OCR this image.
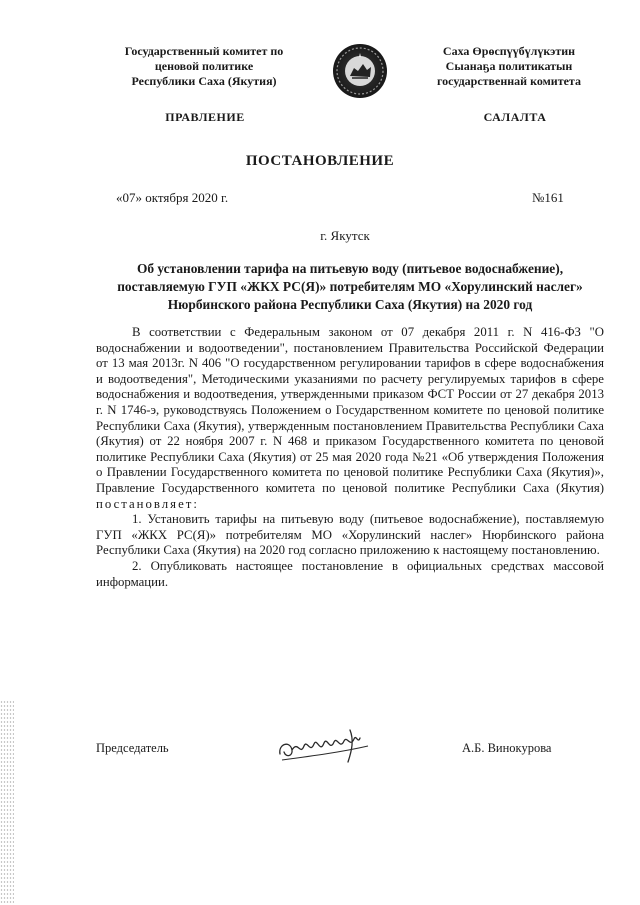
Государственный комитет по
ценовой политике
Республики Саха (Якутия)
Саха Өрөспүүбүлүкэтин
Сыанаҕа политикатын
государственнай комитета
ПРАВЛЕНИЕ	САЛАЛТА
ПОСТАНОВЛЕНИЕ
«07» октября 2020 г.	№161
г. Якутск
Об установлении тарифа на питьевую воду (питьевое водоснабжение), поставляемую ГУП «ЖКХ РС(Я)» потребителям МО «Хорулинский наслег» Нюрбинского района Республики Саха (Якутия) на 2020 год

В соответствии с Федеральным законом от 07 декабря 2011 г. N 416-ФЗ "О водоснабжении и водоотведении", постановлением Правительства Российской Федерации от 13 мая 2013г. N 406 "О государственном регулировании тарифов в сфере водоснабжения и водоотведения", Методическими указаниями по расчету регулируемых тарифов в сфере водоснабжения и водоотведения, утвержденными приказом ФСТ России от 27 декабря 2013 г. N 1746-э, руководствуясь Положением о Государственном комитете по ценовой политике Республики Саха (Якутия), утвержденным постановлением Правительства Республики Саха (Якутия) от 22 ноября 2007 г. N 468 и приказом Государственного комитета по ценовой политике Республики Саха (Якутия) от 25 мая 2020 года №21 «Об утверждения Положения о Правлении Государственного комитета по ценовой политике Республики Саха (Якутия)», Правление Государственного комитета по ценовой политике Республики Саха (Якутия) постановляет:

1. Установить тарифы на питьевую воду (питьевое водоснабжение), поставляемую ГУП «ЖКХ РС(Я)» потребителям МО «Хорулинский наслег» Нюрбинского района Республики Саха (Якутия) на 2020 год согласно приложению к настоящему постановлению.

2. Опубликовать настоящее постановление в официальных средствах массовой информации.

Председатель	А.Б. Винокурова
